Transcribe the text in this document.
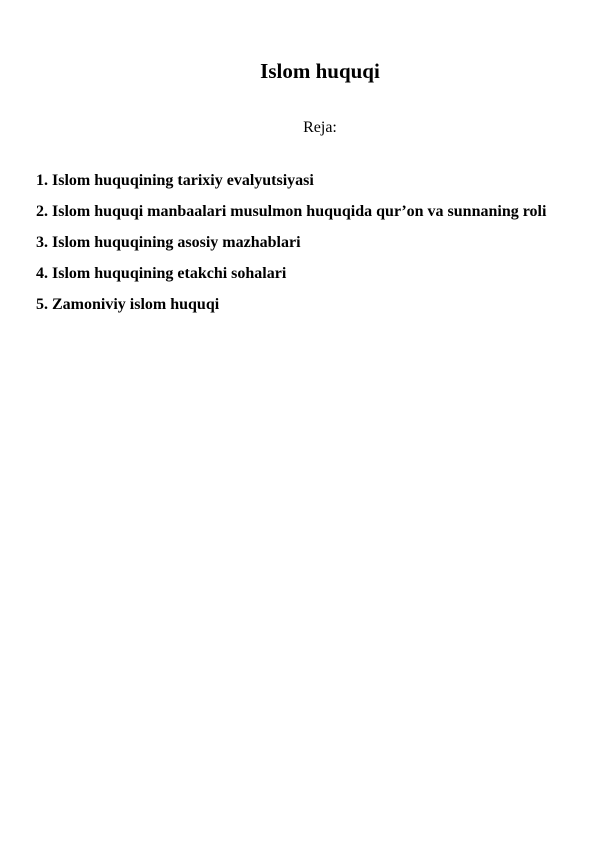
Islom huquqi

Reja:

1. Islom huquqining tarixiy evalyutsiyasi
2. Islom huquqi manbaalari musulmon huquqida qur’on va sunnaning roli
3. Islom huquqining asosiy mazhablari
4. Islom huquqining etakchi sohalari
5. Zamoniviy islom huquqi
